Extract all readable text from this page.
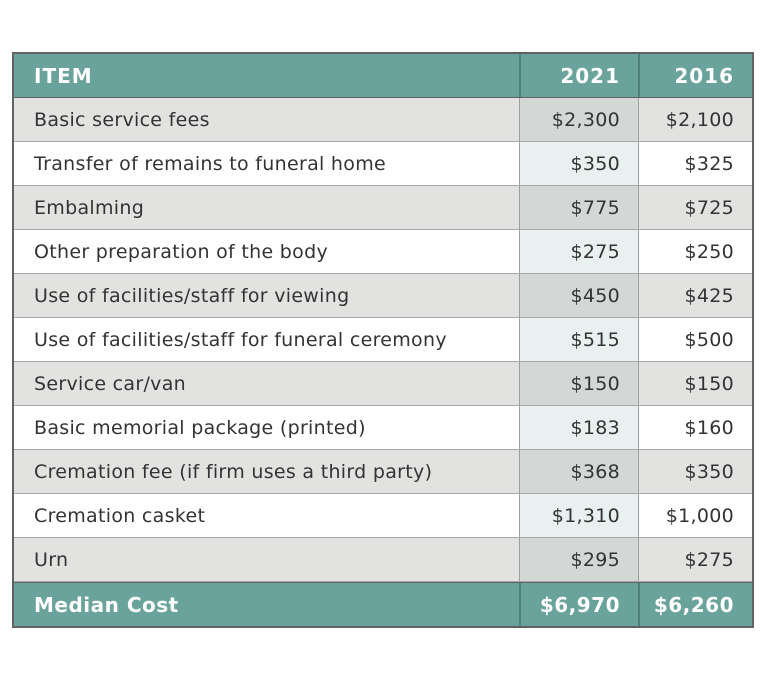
ITEM	2021	2016
Basic service fees	$2,300	$2,100
Transfer of remains to funeral home	$350	$325
Embalming	$775	$725
Other preparation of the body	$275	$250
Use of facilities/staff for viewing	$450	$425
Use of facilities/staff for funeral ceremony	$515	$500
Service car/van	$150	$150
Basic memorial package (printed)	$183	$160
Cremation fee (if firm uses a third party)	$368	$350
Cremation casket	$1,310	$1,000
Urn	$295	$275
Median Cost	$6,970	$6,260
